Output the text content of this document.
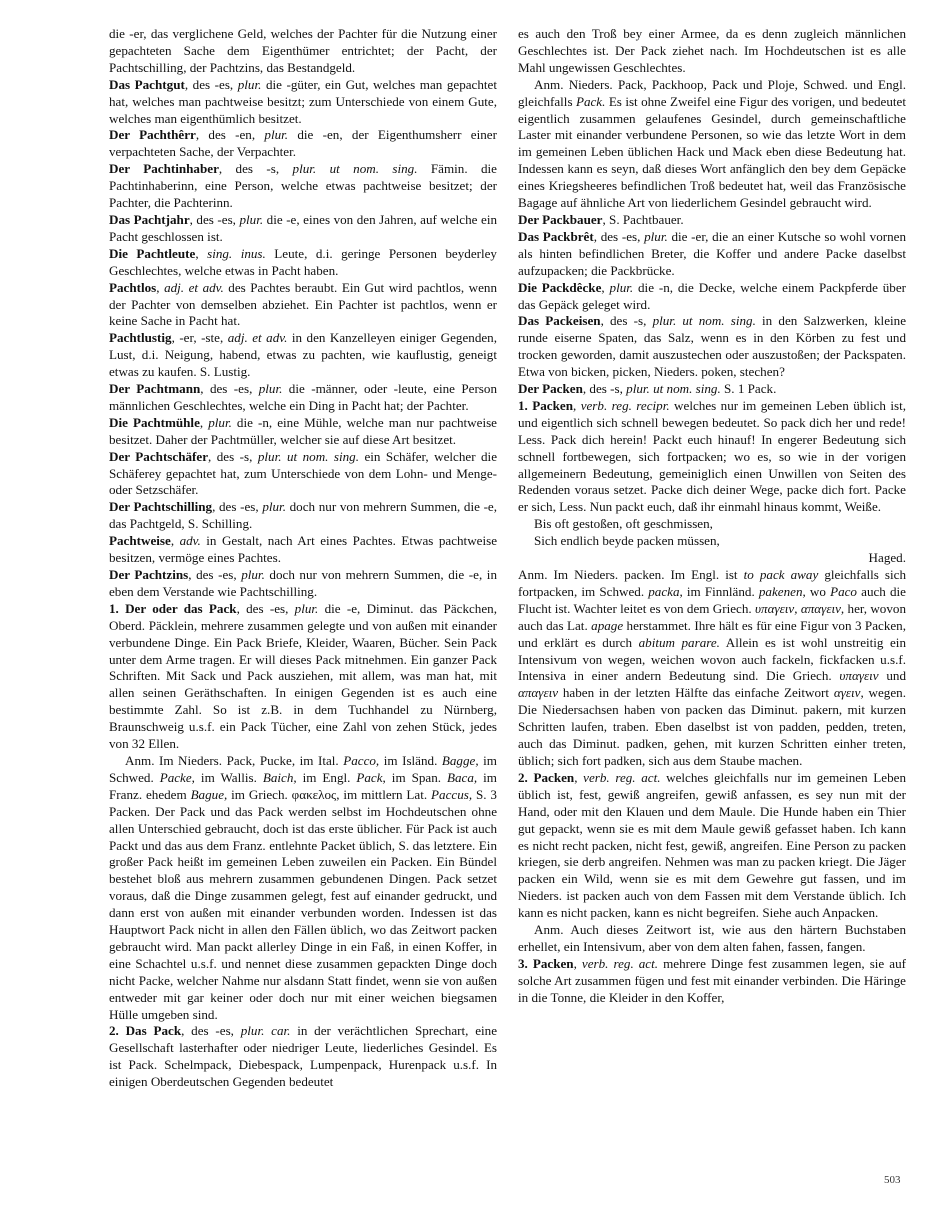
die -er, das verglichene Geld, welches der Pachter für die Nutzung einer gepachteten Sache dem Eigenthümer entrichtet; der Pacht, der Pachtschilling, der Pachtzins, das Bestandgeld.

Das Pachtgut, des -es, plur. die -güter, ein Gut, welches man gepachtet hat, welches man pachtweise besitzt; zum Unterschiede von einem Gute, welches man eigenthümlich besitzet.

Der Pachthêrr, des -en, plur. die -en, der Eigenthumsherr einer verpachteten Sache, der Verpachter.

Der Pachtinhaber, des -s, plur. ut nom. sing. Fämin. die Pachtinhaberinn, eine Person, welche etwas pachtweise besitzet; der Pachter, die Pachterinn.

Das Pachtjahr, des -es, plur. die -e, eines von den Jahren, auf welche ein Pacht geschlossen ist.

Die Pachtleute, sing. inus. Leute, d.i. geringe Personen beyderley Geschlechtes, welche etwas in Pacht haben.

Pachtlos, adj. et adv. des Pachtes beraubt. Ein Gut wird pachtlos, wenn der Pachter von demselben abziehet. Ein Pachter ist pachtlos, wenn er keine Sache in Pacht hat.

Pachtlustig, -er, -ste, adj. et adv. in den Kanzelleyen einiger Gegenden, Lust, d.i. Neigung, habend, etwas zu pachten, wie kauflustig, geneigt etwas zu kaufen. S. Lustig.

Der Pachtmann, des -es, plur. die -männer, oder -leute, eine Person männlichen Geschlechtes, welche ein Ding in Pacht hat; der Pachter.

Die Pachtmühle, plur. die -n, eine Mühle, welche man nur pachtweise besitzet. Daher der Pachtmüller, welcher sie auf diese Art besitzet.

Der Pachtschäfer, des -s, plur. ut nom. sing. ein Schäfer, welcher die Schäferey gepachtet hat, zum Unterschiede von dem Lohn- und Menge- oder Setzschäfer.

Der Pachtschilling, des -es, plur. doch nur von mehrern Summen, die -e, das Pachtgeld, S. Schilling.

Pachtweise, adv. in Gestalt, nach Art eines Pachtes. Etwas pachtweise besitzen, vermöge eines Pachtes.

Der Pachtzins, des -es, plur. doch nur von mehrern Summen, die -e, in eben dem Verstande wie Pachtschilling.

1. Der oder das Pack, des -es, plur. die -e, Diminut. das Päckchen, Oberd. Päcklein, mehrere zusammen gelegte und von außen mit einander verbundene Dinge. Ein Pack Briefe, Kleider, Waaren, Bücher. Sein Pack unter dem Arme tragen. Er will dieses Pack mitnehmen. Ein ganzer Pack Schriften. Mit Sack und Pack ausziehen, mit allem, was man hat, mit allen seinen Geräthschaften. In einigen Gegenden ist es auch eine bestimmte Zahl. So ist z.B. in dem Tuchhandel zu Nürnberg, Braunschweig u.s.f. ein Pack Tücher, eine Zahl von zehen Stück, jedes von 32 Ellen.

Anm. Im Nieders. Pack, Pucke, im Ital. Pacco, im Isländ. Bagge, im Schwed. Packe, im Wallis. Baich, im Engl. Pack, im Span. Baca, im Franz. ehedem Bague, im Griech. φακελος, im mittlern Lat. Paccus, S. 3 Packen. Der Pack und das Pack werden selbst im Hochdeutschen ohne allen Unterschied gebraucht, doch ist das erste üblicher. Für Pack ist auch Packt und das aus dem Franz. entlehnte Packet üblich, S. das letztere. Ein großer Pack heißt im gemeinen Leben zuweilen ein Packen. Ein Bündel bestehet bloß aus mehrern zusammen gebundenen Dingen. Pack setzet voraus, daß die Dinge zusammen gelegt, fest auf einander gedruckt, und dann erst von außen mit einander verbunden worden. Indessen ist das Hauptwort Pack nicht in allen den Fällen üblich, wo das Zeitwort packen gebraucht wird. Man packt allerley Dinge in ein Faß, in einen Koffer, in eine Schachtel u.s.f. und nennet diese zusammen gepackten Dinge doch nicht Packe, welcher Nahme nur alsdann Statt findet, wenn sie von außen entweder mit gar keiner oder doch nur mit einer weichen biegsamen Hülle umgeben sind.

2. Das Pack, des -es, plur. car. in der verächtlichen Sprechart, eine Gesellschaft lasterhafter oder niedriger Leute, liederliches Gesindel. Es ist Pack. Schelmpack, Diebespack, Lumpenpack, Hurenpack u.s.f. In einigen Oberdeutschen Gegenden bedeutet

es auch den Troß bey einer Armee, da es denn zugleich männlichen Geschlechtes ist. Der Pack ziehet nach. Im Hochdeutschen ist es alle Mahl ungewissen Geschlechtes.

Anm. Nieders. Pack, Packhoop, Pack und Ploje, Schwed. und Engl. gleichfalls Pack. Es ist ohne Zweifel eine Figur des vorigen, und bedeutet eigentlich zusammen gelaufenes Gesindel, durch gemeinschaftliche Laster mit einander verbundene Personen, so wie das letzte Wort in dem im gemeinen Leben üblichen Hack und Mack eben diese Bedeutung hat. Indessen kann es seyn, daß dieses Wort anfänglich den bey dem Gepäcke eines Kriegsheeres befindlichen Troß bedeutet hat, weil das Französische Bagage auf ähnliche Art von liederlichem Gesindel gebraucht wird.

Der Packbauer, S. Pachtbauer.

Das Packbrêt, des -es, plur. die -er, die an einer Kutsche so wohl vornen als hinten befindlichen Breter, die Koffer und andere Packe daselbst aufzupacken; die Packbrücke.

Die Packdêcke, plur. die -n, die Decke, welche einem Packpferde über das Gepäck geleget wird.

Das Packeisen, des -s, plur. ut nom. sing. in den Salzwerken, kleine runde eiserne Spaten, das Salz, wenn es in den Körben zu fest und trocken geworden, damit auszustechen oder auszustoßen; der Packspaten. Etwa von bicken, picken, Nieders. poken, stechen?

Der Packen, des -s, plur. ut nom. sing. S. 1 Pack.

1. Packen, verb. reg. recipr. welches nur im gemeinen Leben üblich ist, und eigentlich sich schnell bewegen bedeutet. So pack dich her und rede! Less. Pack dich herein! Packt euch hinauf! In engerer Bedeutung sich schnell fortbewegen, sich fortpacken; wo es, so wie in der vorigen allgemeinern Bedeutung, gemeiniglich einen Unwillen von Seiten des Redenden voraus setzet. Packe dich deiner Wege, packe dich fort. Packe er sich, Less. Nun packt euch, daß ihr einmahl hinaus kommt, Weiße.

Bis oft gestoßen, oft geschmissen,

Sich endlich beyde packen müssen,

Haged.

Anm. Im Nieders. packen. Im Engl. ist to pack away gleichfalls sich fortpacken, im Schwed. packa, im Finnländ. pakenen, wo Paco auch die Flucht ist. Wachter leitet es von dem Griech. υπαγειν, απαγειν, her, wovon auch das Lat. apage herstammet. Ihre hält es für eine Figur von 3 Packen, und erklärt es durch abitum parare. Allein es ist wohl unstreitig ein Intensivum von wegen, weichen wovon auch fackeln, fickfacken u.s.f. Intensiva in einer andern Bedeutung sind. Die Griech. υπαγειν und απαγειν haben in der letzten Hälfte das einfache Zeitwort αγειν, wegen. Die Niedersachsen haben von packen das Diminut. pakern, mit kurzen Schritten laufen, traben. Eben daselbst ist von padden, pedden, treten, auch das Diminut. padken, gehen, mit kurzen Schritten einher treten, üblich; sich fort padken, sich aus dem Staube machen.

2. Packen, verb. reg. act. welches gleichfalls nur im gemeinen Leben üblich ist, fest, gewiß angreifen, gewiß anfassen, es sey nun mit der Hand, oder mit den Klauen und dem Maule. Die Hunde haben ein Thier gut gepackt, wenn sie es mit dem Maule gewiß gefasset haben. Ich kann es nicht recht packen, nicht fest, gewiß, angreifen. Eine Person zu packen kriegen, sie derb angreifen. Nehmen was man zu packen kriegt. Die Jäger packen ein Wild, wenn sie es mit dem Gewehre gut fassen, und im Nieders. ist packen auch von dem Fassen mit dem Verstande üblich. Ich kann es nicht packen, kann es nicht begreifen. Siehe auch Anpacken.

Anm. Auch dieses Zeitwort ist, wie aus den härtern Buchstaben erhellet, ein Intensivum, aber von dem alten fahen, fassen, fangen.

3. Packen, verb. reg. act. mehrere Dinge fest zusammen legen, sie auf solche Art zusammen fügen und fest mit einander verbinden. Die Häringe in die Tonne, die Kleider in den Koffer,

503
